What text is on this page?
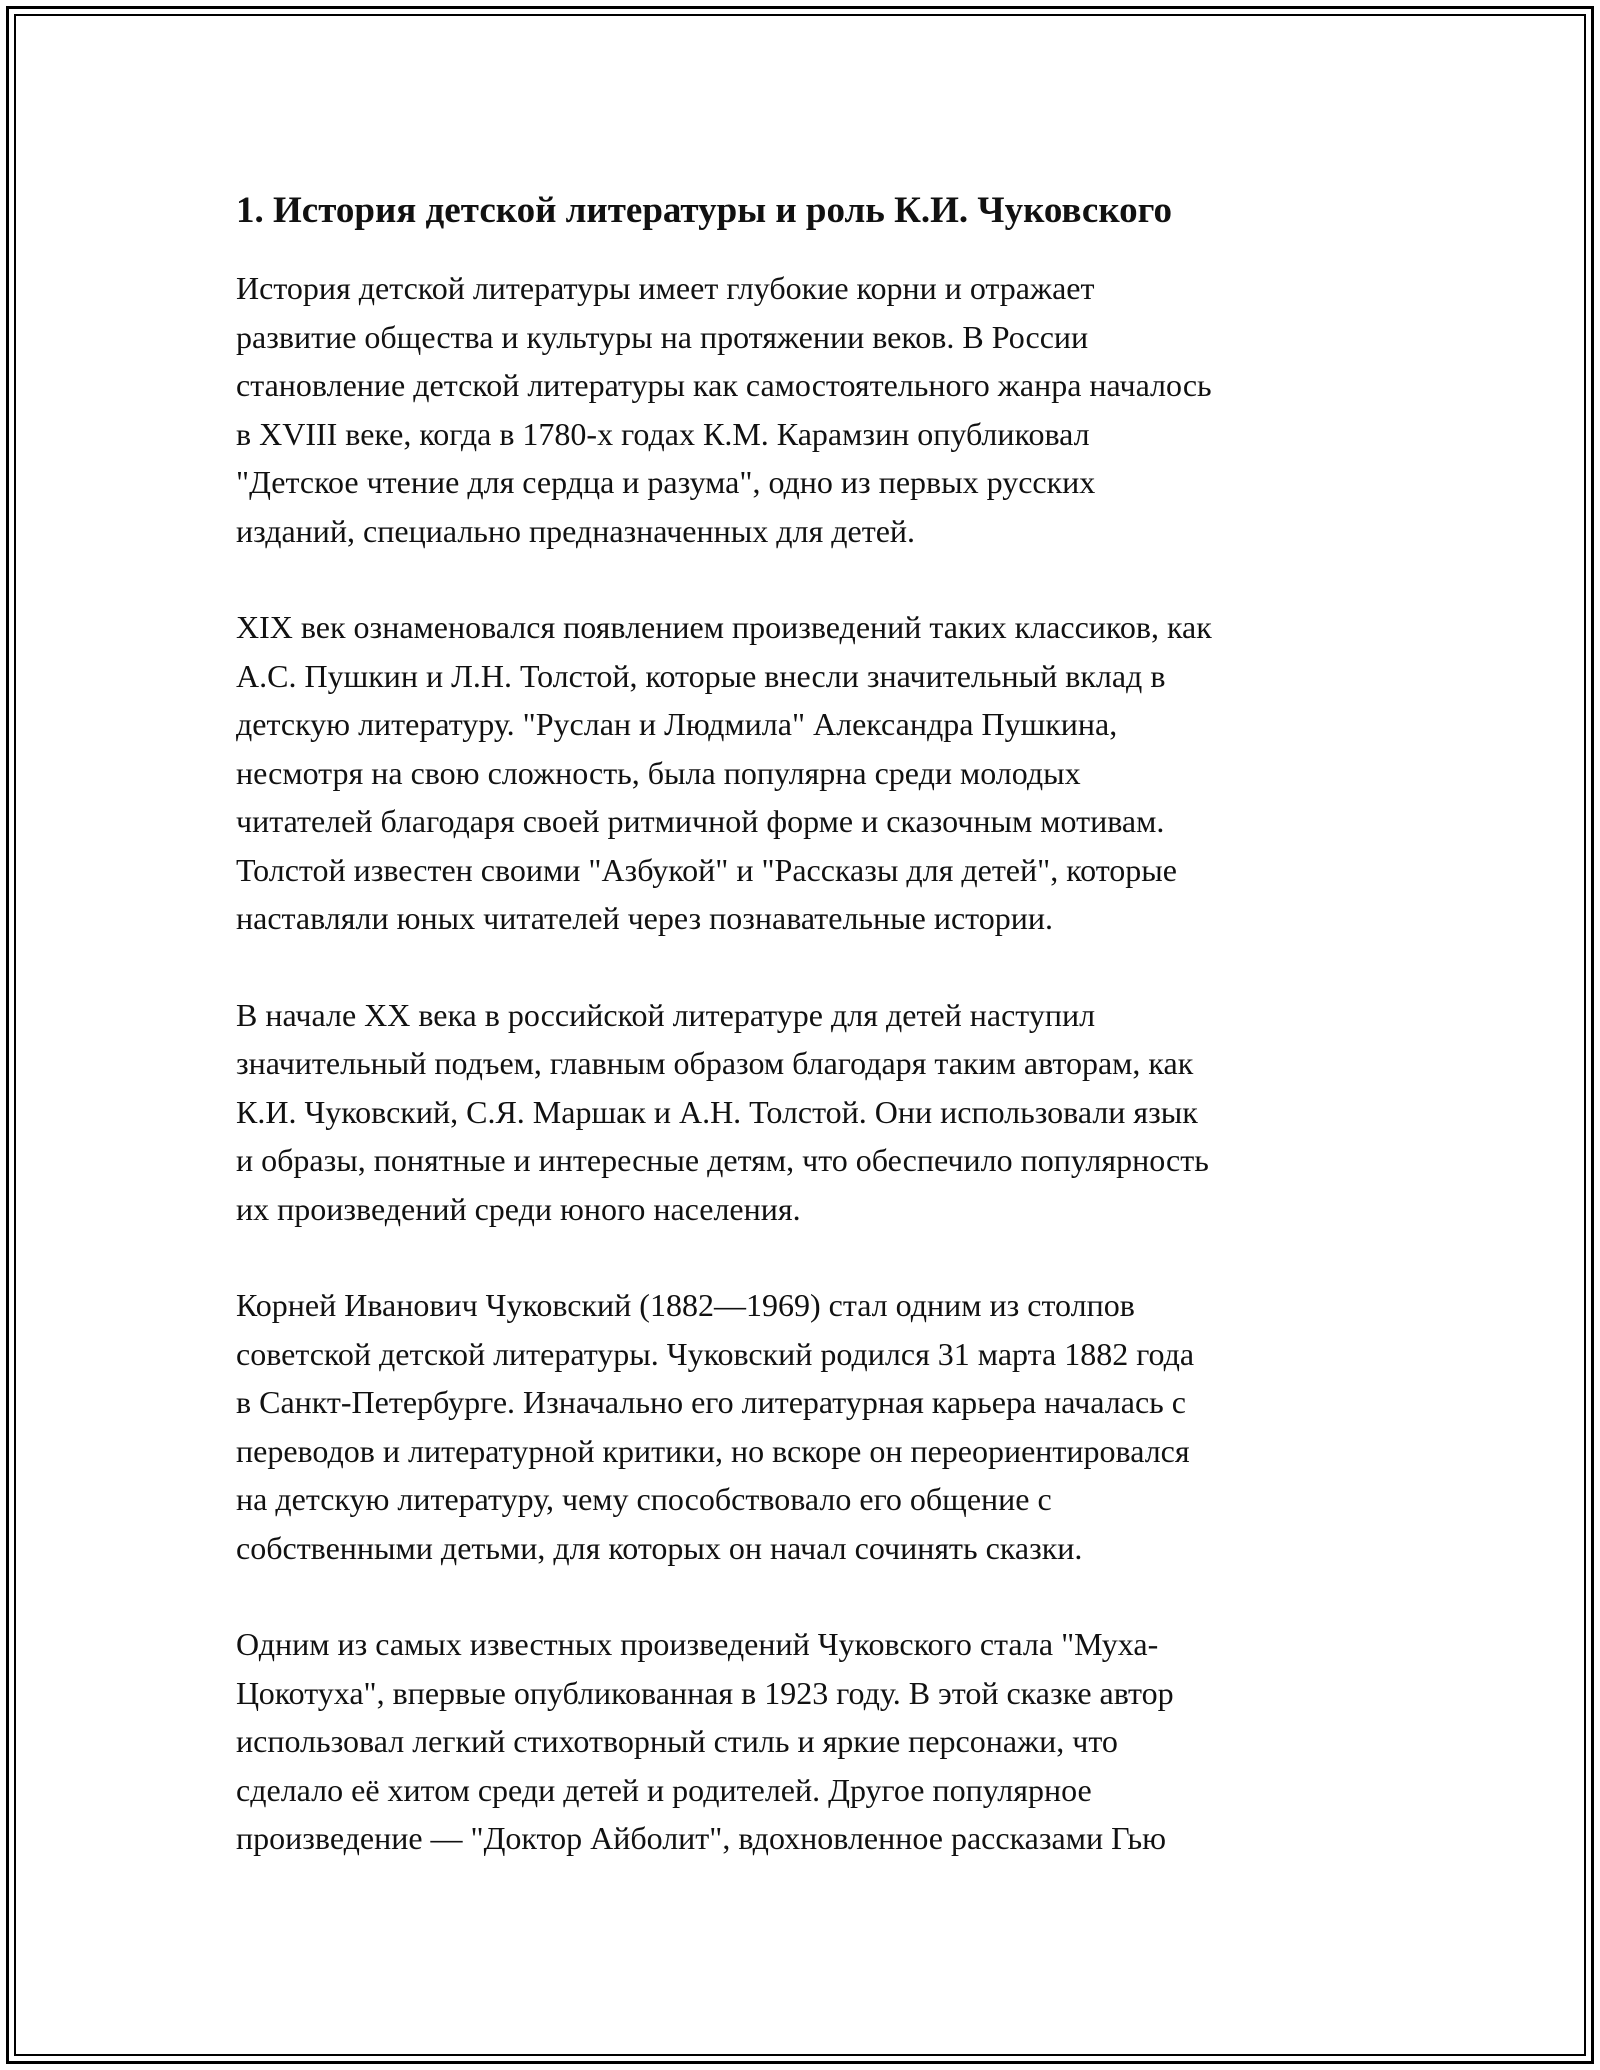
1. История детской литературы и роль К.И. Чуковского

История детской литературы имеет глубокие корни и отражает
развитие общества и культуры на протяжении веков. В России
становление детской литературы как самостоятельного жанра началось
в XVIII веке, когда в 1780-х годах К.М. Карамзин опубликовал
"Детское чтение для сердца и разума", одно из первых русских
изданий, специально предназначенных для детей.

XIX век ознаменовался появлением произведений таких классиков, как
А.С. Пушкин и Л.Н. Толстой, которые внесли значительный вклад в
детскую литературу. "Руслан и Людмила" Александра Пушкина,
несмотря на свою сложность, была популярна среди молодых
читателей благодаря своей ритмичной форме и сказочным мотивам.
Толстой известен своими "Азбукой" и "Рассказы для детей", которые
наставляли юных читателей через познавательные истории.

В начале XX века в российской литературе для детей наступил
значительный подъем, главным образом благодаря таким авторам, как
К.И. Чуковский, С.Я. Маршак и А.Н. Толстой. Они использовали язык
и образы, понятные и интересные детям, что обеспечило популярность
их произведений среди юного населения.

Корней Иванович Чуковский (1882—1969) стал одним из столпов
советской детской литературы. Чуковский родился 31 марта 1882 года
в Санкт-Петербурге. Изначально его литературная карьера началась с
переводов и литературной критики, но вскоре он переориентировался
на детскую литературу, чему способствовало его общение с
собственными детьми, для которых он начал сочинять сказки.

Одним из самых известных произведений Чуковского стала "Муха-
Цокотуха", впервые опубликованная в 1923 году. В этой сказке автор
использовал легкий стихотворный стиль и яркие персонажи, что
сделало её хитом среди детей и родителей. Другое популярное
произведение — "Доктор Айболит", вдохновленное рассказами Гью
